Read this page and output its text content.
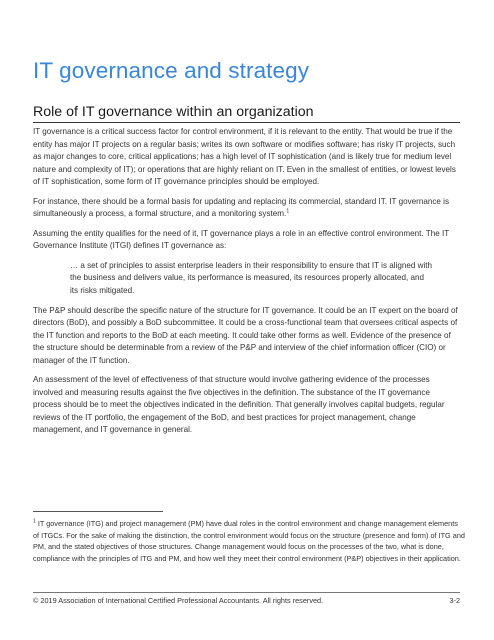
IT governance and strategy
Role of IT governance within an organization

IT governance is a critical success factor for control environment, if it is relevant to the entity. That would be true if the entity has major IT projects on a regular basis; writes its own software or modifies software; has risky IT projects, such as major changes to core, critical applications; has a high level of IT sophistication (and is likely true for medium level nature and complexity of IT); or operations that are highly reliant on IT. Even in the smallest of entities, or lowest levels of IT sophistication, some form of IT governance principles should be employed.

For instance, there should be a formal basis for updating and replacing its commercial, standard IT. IT governance is simultaneously a process, a formal structure, and a monitoring system.$^1$

Assuming the entity qualifies for the need of it, IT governance plays a role in an effective control environment. The IT Governance Institute (ITGI) defines IT governance as:

… a set of principles to assist enterprise leaders in their responsibility to ensure that IT is aligned with the business and delivers value, its performance is measured, its resources properly allocated, and its risks mitigated.

The P&P should describe the specific nature of the structure for IT governance. It could be an IT expert on the board of directors (BoD), and possibly a BoD subcommittee. It could be a cross-functional team that oversees critical aspects of the IT function and reports to the BoD at each meeting. It could take other forms as well. Evidence of the presence of the structure should be determinable from a review of the P&P and interview of the chief information officer (CIO) or manager of the IT function.

An assessment of the level of effectiveness of that structure would involve gathering evidence of the processes involved and measuring results against the five objectives in the definition. The substance of the IT governance process should be to meet the objectives indicated in the definition. That generally involves capital budgets, regular reviews of the IT portfolio, the engagement of the BoD, and best practices for project management, change management, and IT governance in general.

$^1$ IT governance (ITG) and project management (PM) have dual roles in the control environment and change management elements of ITGCs. For the sake of making the distinction, the control environment would focus on the structure (presence and form) of ITG and PM, and the stated objectives of those structures. Change management would focus on the processes of the two, what is done, compliance with the principles of ITG and PM, and how well they meet their control environment (P&P) objectives in their application.

© 2019 Association of International Certified Professional Accountants. All rights reserved.	3-2
